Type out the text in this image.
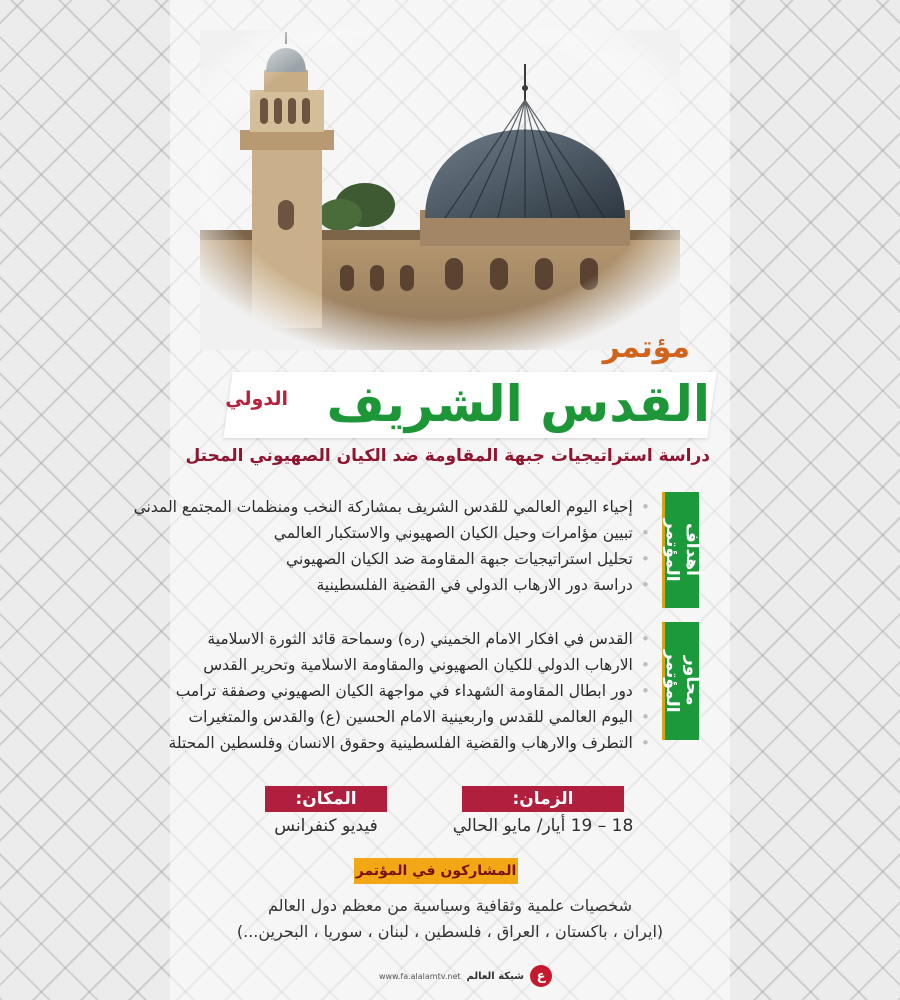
مؤتمر
القدس الشريف
الدولي
دراسة استراتيجيات جبهة المقاومة ضد الكيان الصهيوني المحتل
أهداف المؤتمر
• إحياء اليوم العالمي للقدس الشريف بمشاركة النخب ومنظمات المجتمع المدني
• تبيين مؤامرات وحيل الكيان الصهيوني والاستكبار العالمي
• تحليل استراتيجيات جبهة المقاومة ضد الكيان الصهيوني
• دراسة دور الارهاب الدولي في القضية الفلسطينية
محاور المؤتمر
• القدس في افكار الامام الخميني (ره) وسماحة قائد الثورة الاسلامية
• الارهاب الدولي للكيان الصهيوني والمقاومة الاسلامية وتحرير القدس
• دور ابطال المقاومة الشهداء في مواجهة الكيان الصهيوني وصفقة ترامب
• اليوم العالمي للقدس واربعينية الامام الحسين (ع) والقدس والمتغيرات
• التطرف والارهاب والقضية الفلسطينية وحقوق الانسان وفلسطين المحتلة
الزمان:
18 – 19 أيار/ مايو الحالي
المكان:
فيديو كنفرانس
المشاركون في المؤتمر
شخصيات علمية وثقافية وسياسية من معظم دول العالم
(ايران ، باكستان ، العراق ، فلسطين ، لبنان ، سوريا ، البحرين...)
ع
شبكة العالم
www.fa.alalamtv.net
